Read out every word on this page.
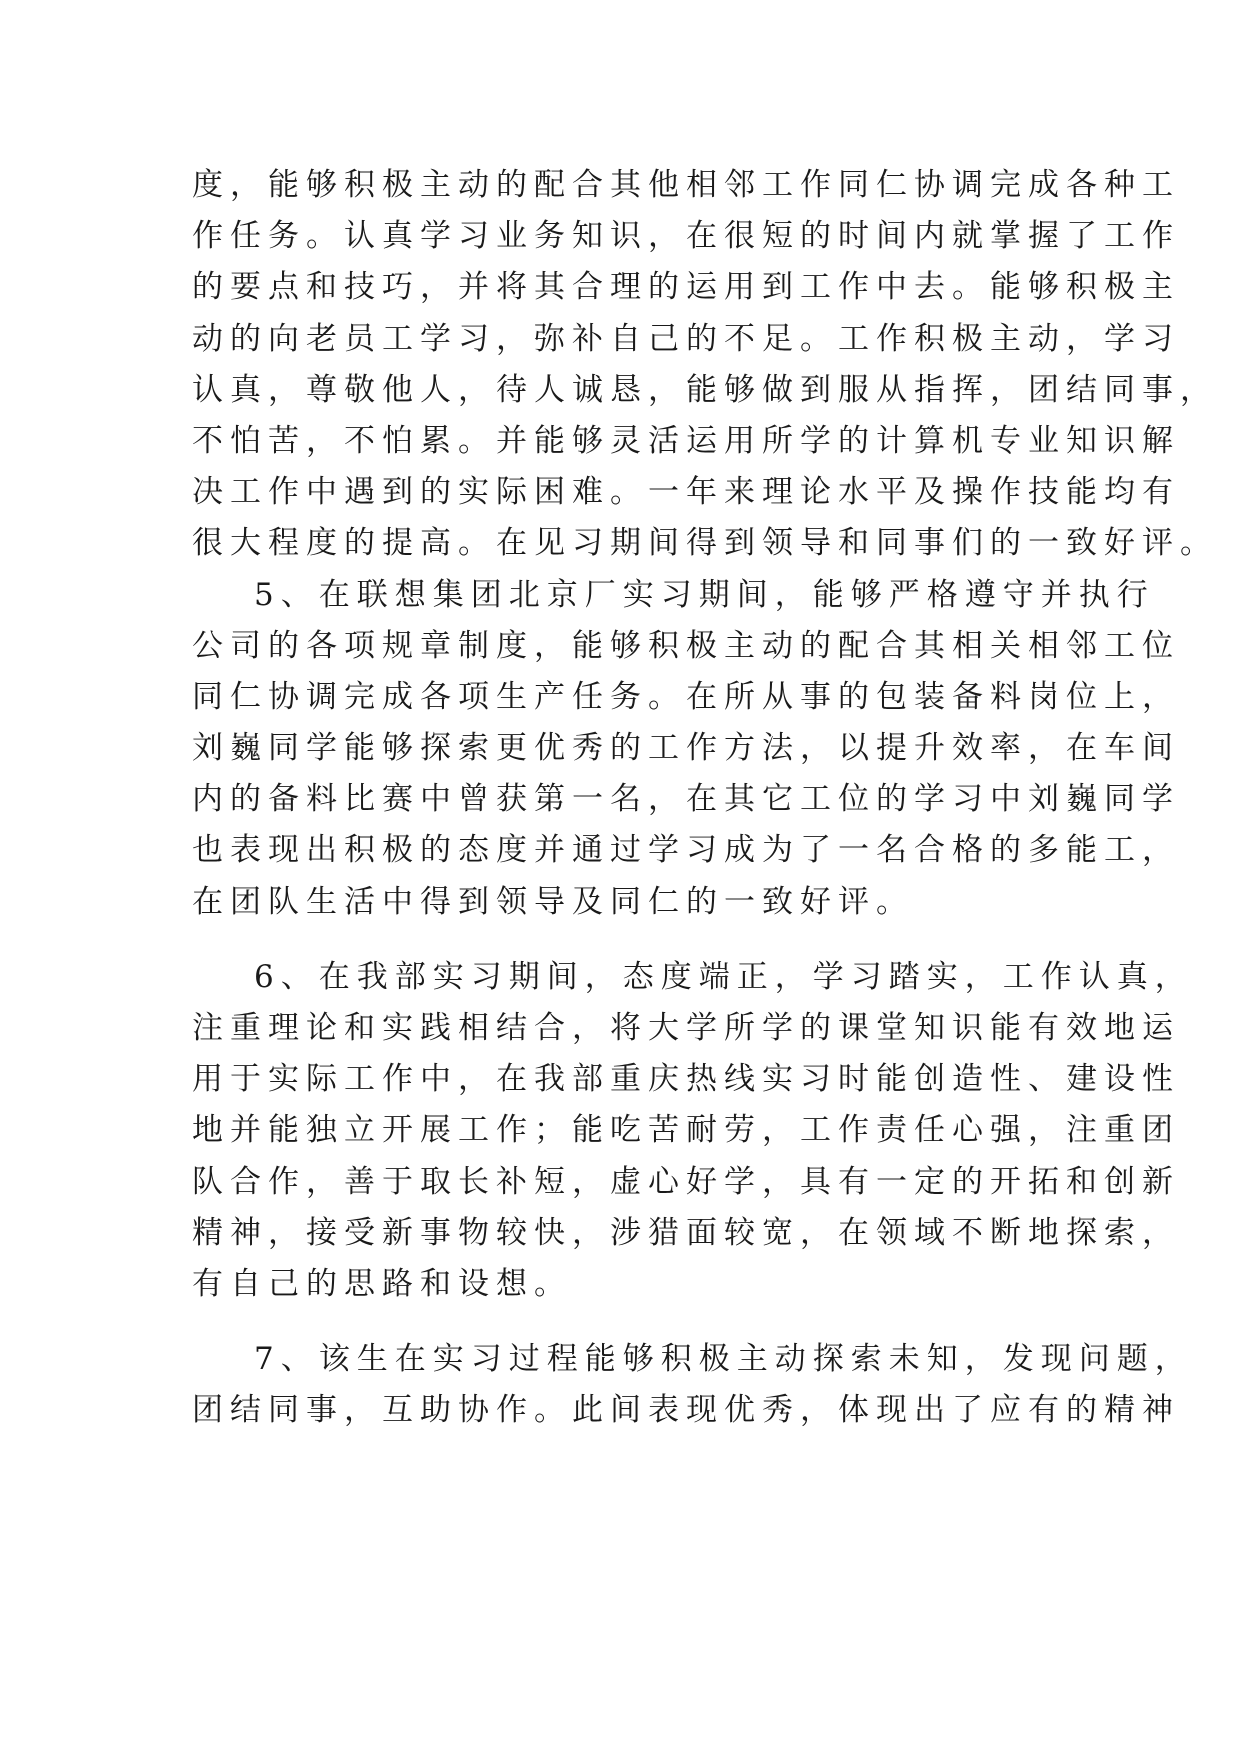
度，能够积极主动的配合其他相邻工作同仁协调完成各种工
作任务。认真学习业务知识，在很短的时间内就掌握了工作
的要点和技巧，并将其合理的运用到工作中去。能够积极主
动的向老员工学习，弥补自己的不足。工作积极主动，学习
认真，尊敬他人，待人诚恳，能够做到服从指挥，团结同事，
不怕苦，不怕累。并能够灵活运用所学的计算机专业知识解
决工作中遇到的实际困难。一年来理论水平及操作技能均有
很大程度的提高。在见习期间得到领导和同事们的一致好评。
5、在联想集团北京厂实习期间，能够严格遵守并执行
公司的各项规章制度，能够积极主动的配合其相关相邻工位
同仁协调完成各项生产任务。在所从事的包装备料岗位上，
刘巍同学能够探索更优秀的工作方法，以提升效率，在车间
内的备料比赛中曾获第一名，在其它工位的学习中刘巍同学
也表现出积极的态度并通过学习成为了一名合格的多能工，
在团队生活中得到领导及同仁的一致好评。
6、在我部实习期间，态度端正，学习踏实，工作认真，
注重理论和实践相结合，将大学所学的课堂知识能有效地运
用于实际工作中，在我部重庆热线实习时能创造性、建设性
地并能独立开展工作；能吃苦耐劳，工作责任心强，注重团
队合作，善于取长补短，虚心好学，具有一定的开拓和创新
精神，接受新事物较快，涉猎面较宽，在领域不断地探索，
有自己的思路和设想。
7、该生在实习过程能够积极主动探索未知，发现问题，
团结同事，互助协作。此间表现优秀，体现出了应有的精神
